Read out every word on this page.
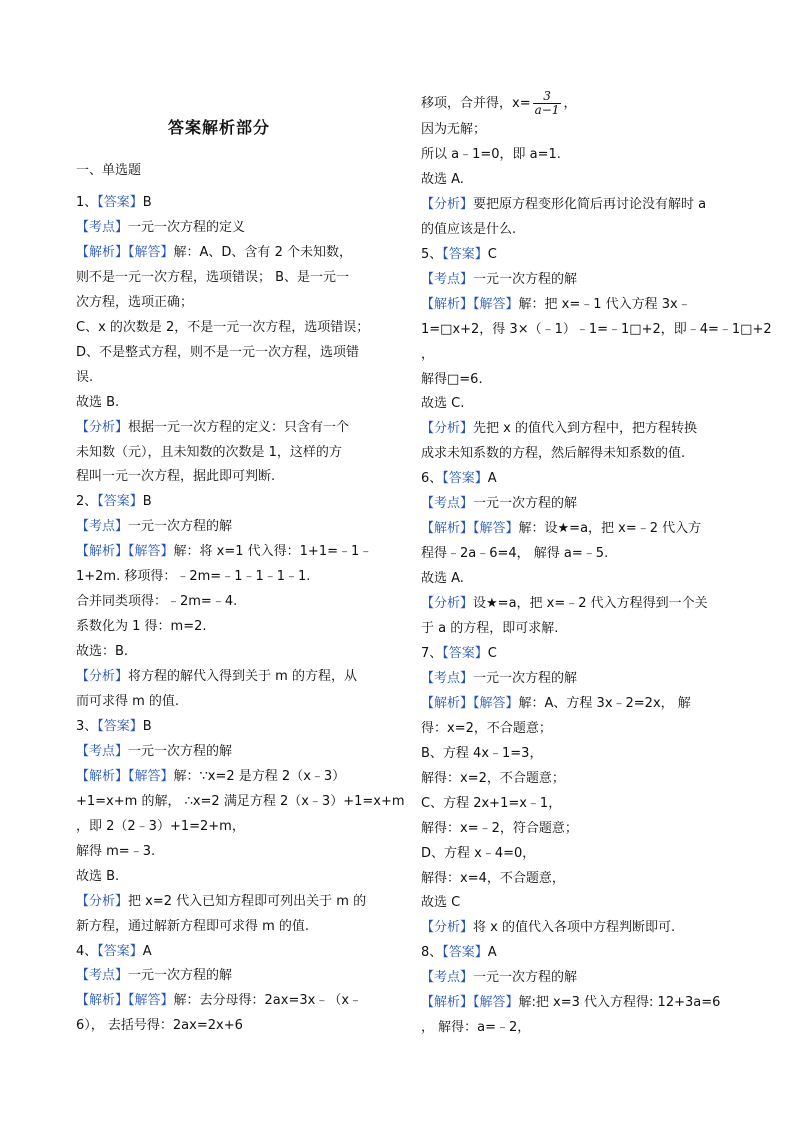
答案解析部分
一、单选题
1、【答案】B
【考点】一元一次方程的定义
【解析】【解答】解：A、D、含有 2 个未知数，
则不是一元一次方程，选项错误； B、是一元一
次方程，选项正确；
C、x 的次数是 2，不是一元一次方程，选项错误；
D、不是整式方程，则不是一元一次方程，选项错
误.
故选 B.
【分析】根据一元一次方程的定义：只含有一个
未知数（元），且未知数的次数是 1，这样的方
程叫一元一次方程，据此即可判断.
2、【答案】B
【考点】一元一次方程的解
【解析】【解答】解：将 x=1 代入得：1+1=﹣1﹣
1+2m. 移项得：﹣2m=﹣1﹣1﹣1﹣1.
合并同类项得：﹣2m=﹣4.
系数化为 1 得：m=2.
故选：B.
【分析】将方程的解代入得到关于 m 的方程，从
而可求得 m 的值.
3、【答案】B
【考点】一元一次方程的解
【解析】【解答】解：∵x=2 是方程 2（x﹣3）
+1=x+m 的解， ∴x=2 满足方程 2（x﹣3）+1=x+m
，即 2（2﹣3）+1=2+m，
解得 m=﹣3.
故选 B.
【分析】把 x=2 代入已知方程即可列出关于 m 的
新方程，通过解新方程即可求得 m 的值.
4、【答案】A
【考点】一元一次方程的解
【解析】【解答】解：去分母得：2ax=3x﹣（x﹣
6）， 去括号得：2ax=2x+6
移项，合并得，$x= \frac{3}{a-1}$ ，
因为无解；
所以 a﹣1=0，即 a=1.
故选 A.
【分析】要把原方程变形化简后再讨论没有解时 a
的值应该是什么.
5、【答案】C
【考点】一元一次方程的解
【解析】【解答】解：把 x=﹣1 代入方程 3x﹣
1=□x+2，得 3×（﹣1）﹣1=﹣1□+2，即﹣4=﹣1□+2
，
解得□=6.
故选 C.
【分析】先把 x 的值代入到方程中，把方程转换
成求未知系数的方程，然后解得未知系数的值.
6、【答案】A
【考点】一元一次方程的解
【解析】【解答】解：设★=a，把 x=﹣2 代入方
程得﹣2a﹣6=4， 解得 a=﹣5.
故选 A.
【分析】设★=a，把 x=﹣2 代入方程得到一个关
于 a 的方程，即可求解.
7、【答案】C
【考点】一元一次方程的解
【解析】【解答】解：A、方程 3x﹣2=2x， 解
得：x=2，不合题意；
B、方程 4x﹣1=3，
解得：x=2，不合题意；
C、方程 2x+1=x﹣1，
解得：x=﹣2，符合题意；
D、方程 x﹣4=0，
解得：x=4，不合题意，
故选 C
【分析】将 x 的值代入各项中方程判断即可.
8、【答案】A
【考点】一元一次方程的解
【解析】【解答】解:把 x=3 代入方程得: 12+3a=6
， 解得：a=﹣2，
